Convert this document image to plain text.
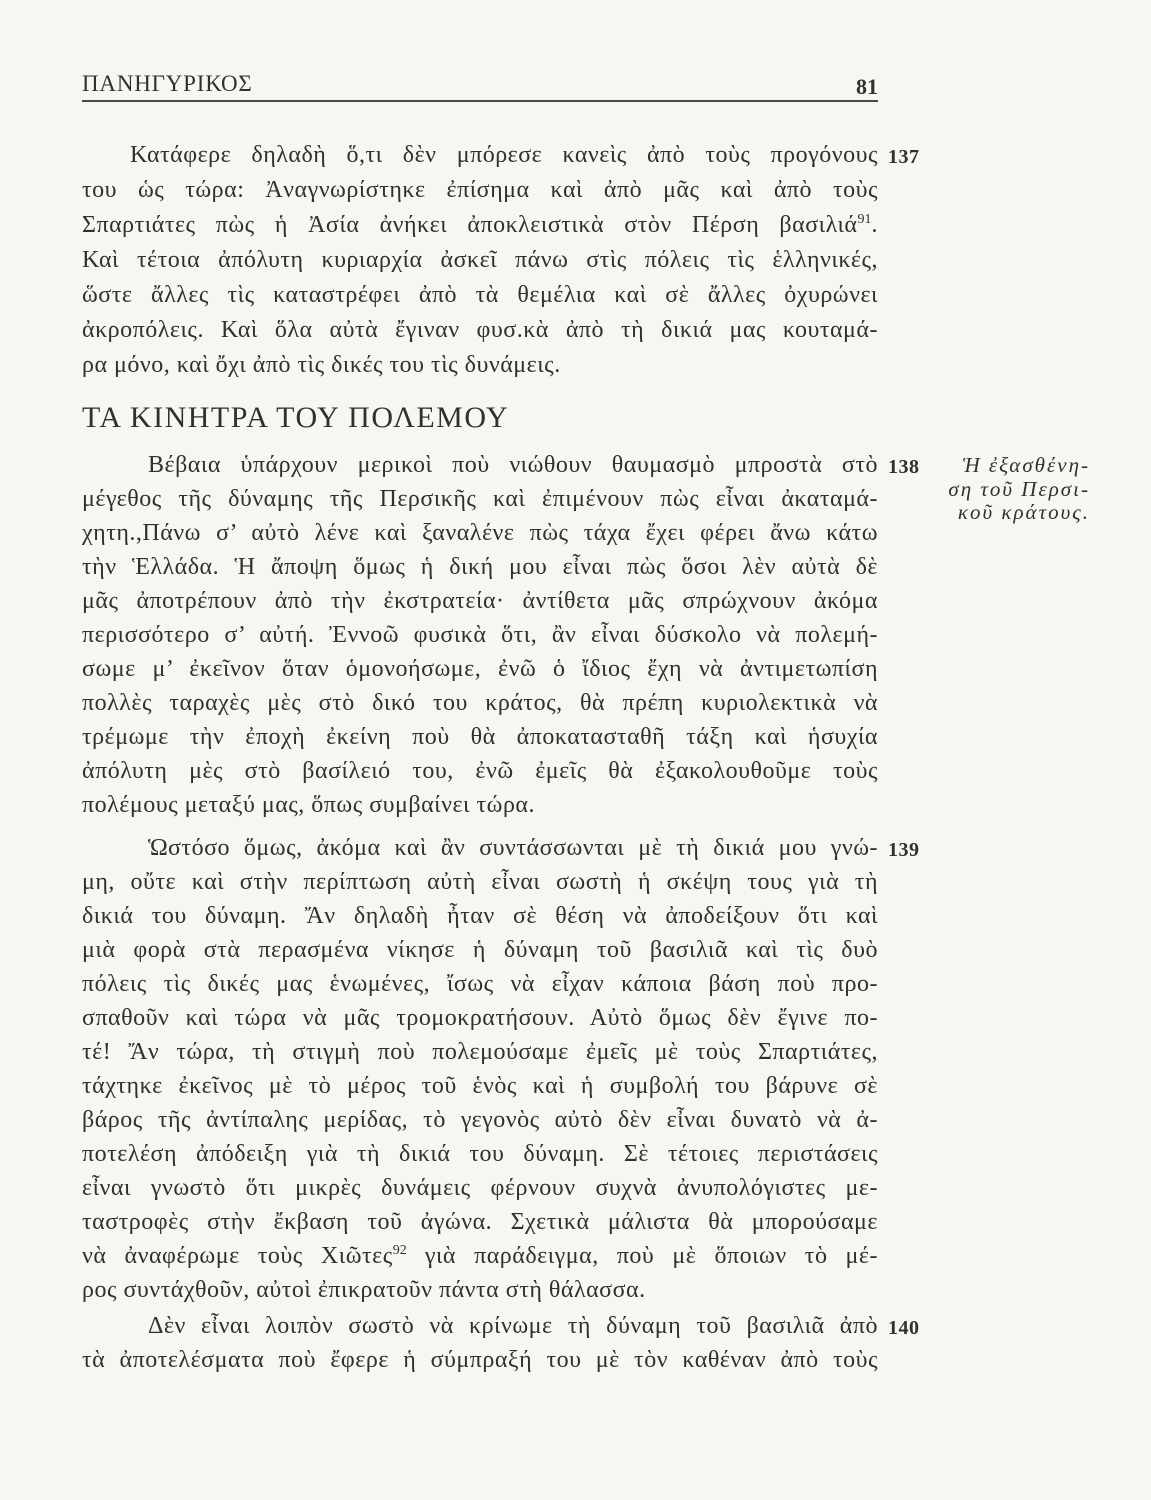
ΠΑΝΗΓΥΡΙΚΟΣ	81
137
Κατάφερε δηλαδὴ ὅ,τι δὲν μπόρεσε κανεὶς ἀπὸ τοὺς προγόνους
του ὡς τώρα: Ἀναγνωρίστηκε ἐπίσημα καὶ ἀπὸ μᾶς καὶ ἀπὸ τοὺς
Σπαρτιάτες πὼς ἡ Ἀσία ἀνήκει ἀποκλειστικὰ στὸν Πέρση βασιλιά$^{91}$.
Καὶ τέτοια ἀπόλυτη κυριαρχία ἀσκεῖ πάνω στὶς πόλεις τὶς ἑλληνικές,
ὥστε ἄλλες τὶς καταστρέφει ἀπὸ τὰ θεμέλια καὶ σὲ ἄλλες ὀχυρώνει
ἀκροπόλεις. Καὶ ὅλα αὐτὰ ἔγιναν φυσ.κὰ ἀπὸ τὴ δικιά μας κουταμά-
ρα μόνο, καὶ ὄχι ἀπὸ τὶς δικές του τὶς δυνάμεις.
ΤΑ ΚΙΝΗΤΡΑ ΤΟΥ ΠΟΛΕΜΟΥ
138
Βέβαια ὑπάρχουν μερικοὶ ποὺ νιώθουν θαυμασμὸ μπροστὰ στὸ
μέγεθος τῆς δύναμης τῆς Περσικῆς καὶ ἐπιμένουν πὼς εἶναι ἀκαταμά-
χητη.,Πάνω σ’ αὐτὸ λένε καὶ ξαναλένε πὼς τάχα ἔχει φέρει ἄνω κάτω
τὴν Ἑλλάδα. Ἡ ἄποψη ὅμως ἡ δική μου εἶναι πὼς ὅσοι λὲν αὐτὰ δὲ
μᾶς ἀποτρέπουν ἀπὸ τὴν ἐκστρατεία· ἀντίθετα μᾶς σπρώχνουν ἀκόμα
περισσότερο σ’ αὐτή. Ἐννοῶ φυσικὰ ὅτι, ἂν εἶναι δύσκολο νὰ πολεμή-
σωμε μ’ ἐκεῖνον ὅταν ὁμονοήσωμε, ἐνῶ ὁ ἴδιος ἔχη νὰ ἀντιμετωπίση
πολλὲς ταραχὲς μὲς στὸ δικό του κράτος, θὰ πρέπη κυριολεκτικὰ νὰ
τρέμωμε τὴν ἐποχὴ ἐκείνη ποὺ θὰ ἀποκατασταθῆ τάξη καὶ ἡσυχία
ἀπόλυτη μὲς στὸ βασίλειό του, ἐνῶ ἐμεῖς θὰ ἐξακολουθοῦμε τοὺς
πολέμους μεταξύ μας, ὅπως συμβαίνει τώρα.
Ἡ ἐξασθένη-
ση τοῦ Περσι-
κοῦ κράτους.
139
Ὡστόσο ὅμως, ἀκόμα καὶ ἂν συντάσσωνται μὲ τὴ δικιά μου γνώ-
μη, οὔτε καὶ στὴν περίπτωση αὐτὴ εἶναι σωστὴ ἡ σκέψη τους γιὰ τὴ
δικιά του δύναμη. Ἄν δηλαδὴ ἦταν σὲ θέση νὰ ἀποδείξουν ὅτι καὶ
μιὰ φορὰ στὰ περασμένα νίκησε ἡ δύναμη τοῦ βασιλιᾶ καὶ τὶς δυὸ
πόλεις τὶς δικές μας ἑνωμένες, ἴσως νὰ εἶχαν κάποια βάση ποὺ προ-
σπαθοῦν καὶ τώρα νὰ μᾶς τρομοκρατήσουν. Αὐτὸ ὅμως δὲν ἔγινε πο-
τέ! Ἄν τώρα, τὴ στιγμὴ ποὺ πολεμούσαμε ἐμεῖς μὲ τοὺς Σπαρτιάτες,
τάχτηκε ἐκεῖνος μὲ τὸ μέρος τοῦ ἑνὸς καὶ ἡ συμβολή του βάρυνε σὲ
βάρος τῆς ἀντίπαλης μερίδας, τὸ γεγονὸς αὐτὸ δὲν εἶναι δυνατὸ νὰ ἀ-
ποτελέση ἀπόδειξη γιὰ τὴ δικιά του δύναμη. Σὲ τέτοιες περιστάσεις
εἶναι γνωστὸ ὅτι μικρὲς δυνάμεις φέρνουν συχνὰ ἀνυπολόγιστες με-
ταστροφὲς στὴν ἔκβαση τοῦ ἀγώνα. Σχετικὰ μάλιστα θὰ μπορούσαμε
νὰ ἀναφέρωμε τοὺς Χιῶτες$^{92}$ γιὰ παράδειγμα, ποὺ μὲ ὅποιων τὸ μέ-
ρος συντάχθοῦν, αὐτοὶ ἐπικρατοῦν πάντα στὴ θάλασσα.
140
Δὲν εἶναι λοιπὸν σωστὸ νὰ κρίνωμε τὴ δύναμη τοῦ βασιλιᾶ ἀπὸ
τὰ ἀποτελέσματα ποὺ ἔφερε ἡ σύμπραξή του μὲ τὸν καθέναν ἀπὸ τοὺς
